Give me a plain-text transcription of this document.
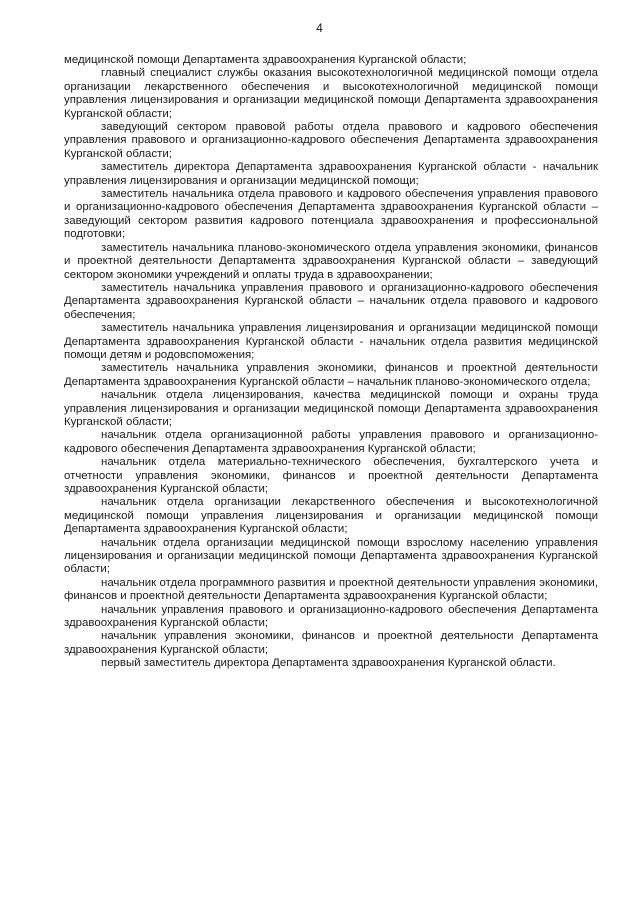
4

медицинской помощи Департамента здравоохранения Курганской области;

главный специалист службы оказания высокотехнологичной медицинской помощи отдела организации лекарственного обеспечения и высокотехнологичной медицинской помощи управления лицензирования и организации медицинской помощи Департамента здравоохранения Курганской области;

заведующий сектором правовой работы отдела правового и кадрового обеспечения управления правового и организационно-кадрового обеспечения Департамента здравоохранения Курганской области;

заместитель директора Департамента здравоохранения Курганской области - начальник управления лицензирования и организации медицинской помощи;

заместитель начальника отдела правового и кадрового обеспечения управления правового и организационно-кадрового обеспечения Департамента здравоохранения Курганской области – заведующий сектором развития кадрового потенциала здравоохранения и профессиональной подготовки;

заместитель начальника планово-экономического отдела управления экономики, финансов и проектной деятельности Департамента здравоохранения Курганской области – заведующий сектором экономики учреждений и оплаты труда в здравоохранении;

заместитель начальника управления правового и организационно-кадрового обеспечения Департамента здравоохранения Курганской области – начальник отдела правового и кадрового обеспечения;

заместитель начальника управления лицензирования и организации медицинской помощи Департамента здравоохранения Курганской области - начальник отдела развития медицинской помощи детям и родовспоможения;

заместитель начальника управления экономики, финансов и проектной деятельности Департамента здравоохранения Курганской области – начальник планово-экономического отдела;

начальник отдела лицензирования, качества медицинской помощи и охраны труда управления лицензирования и организации медицинской помощи Департамента здравоохранения Курганской области;

начальник отдела организационной работы управления правового и организационно-кадрового обеспечения Департамента здравоохранения Курганской области;

начальник отдела материально-технического обеспечения, бухгалтерского учета и отчетности управления экономики, финансов и проектной деятельности Департамента здравоохранения Курганской области;

начальник отдела организации лекарственного обеспечения и высокотехнологичной медицинской помощи управления лицензирования и организации медицинской помощи Департамента здравоохранения Курганской области;

начальник отдела организации медицинской помощи взрослому населению управления лицензирования и организации медицинской помощи Департамента здравоохранения Курганской области;

начальник отдела программного развития и проектной деятельности управления экономики, финансов и проектной деятельности Департамента здравоохранения Курганской области;

начальник управления правового и организационно-кадрового обеспечения Департамента здравоохранения Курганской области;

начальник управления экономики, финансов и проектной деятельности Департамента здравоохранения Курганской области;

первый заместитель директора Департамента здравоохранения Курганской области.
